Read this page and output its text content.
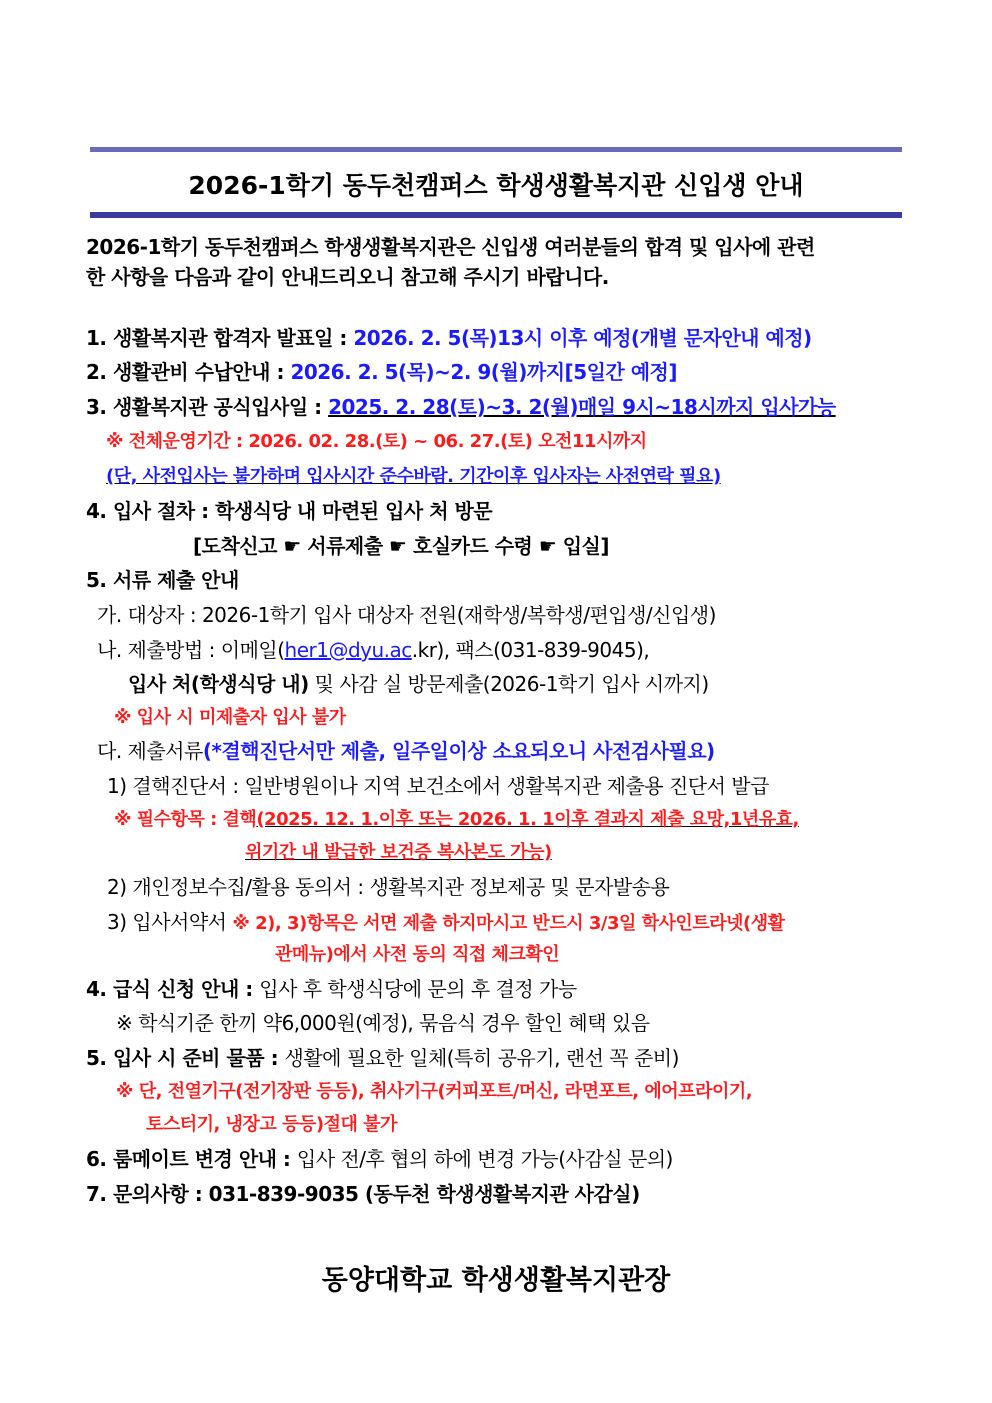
2026-1학기 동두천캠퍼스 학생생활복지관 신입생 안내
2026-1학기 동두천캠퍼스 학생생활복지관은 신입생 여러분들의 합격 및 입사에 관련
한 사항을 다음과 같이 안내드리오니 참고해 주시기 바랍니다.
1. 생활복지관 합격자 발표일 : 2026. 2. 5(목)13시 이후 예정(개별 문자안내 예정)
2. 생활관비 수납안내 : 2026. 2. 5(목)~2. 9(월)까지[5일간 예정]
3. 생활복지관 공식입사일 : 2025. 2. 28(토)~3. 2(월)매일 9시~18시까지 입사가능
※ 전체운영기간 : 2026. 02. 28.(토) ~ 06. 27.(토) 오전11시까지
(단, 사전입사는 불가하며 입사시간 준수바람. 기간이후 입사자는 사전연락 필요)
4. 입사 절차 : 학생식당 내 마련된 입사 처 방문
[도착신고 ☛ 서류제출 ☛ 호실카드 수령 ☛ 입실]
5. 서류 제출 안내
가. 대상자 : 2026-1학기 입사 대상자 전원(재학생/복학생/편입생/신입생)
나. 제출방법 : 이메일(her1@dyu.ac.kr), 팩스(031-839-9045),
입사 처(학생식당 내) 및 사감 실 방문제출(2026-1학기 입사 시까지)
※ 입사 시 미제출자 입사 불가
다. 제출서류(*결핵진단서만 제출, 일주일이상 소요되오니 사전검사필요)
1) 결핵진단서 : 일반병원이나 지역 보건소에서 생활복지관 제출용 진단서 발급
※ 필수항목 : 결핵(2025. 12. 1.이후 또는 2026. 1. 1이후 결과지 제출 요망,1년유효,
위기간 내 발급한 보건증 복사본도 가능)
2) 개인정보수집/활용 동의서 : 생활복지관 정보제공 및 문자발송용
3) 입사서약서 ※ 2), 3)항목은 서면 제출 하지마시고 반드시 3/3일 학사인트라넷(생활
관메뉴)에서 사전 동의 직접 체크확인
4. 급식 신청 안내 : 입사 후 학생식당에 문의 후 결정 가능
※ 학식기준 한끼 약6,000원(예정), 묶음식 경우 할인 혜택 있음
5. 입사 시 준비 물품 : 생활에 필요한 일체(특히 공유기, 랜선 꼭 준비)
※ 단, 전열기구(전기장판 등등), 취사기구(커피포트/머신, 라면포트, 에어프라이기,
토스터기, 냉장고 등등)절대 불가
6. 룸메이트 변경 안내 : 입사 전/후 협의 하에 변경 가능(사감실 문의)
7. 문의사항 : 031-839-9035 (동두천 학생생활복지관 사감실)
동양대학교 학생생활복지관장
